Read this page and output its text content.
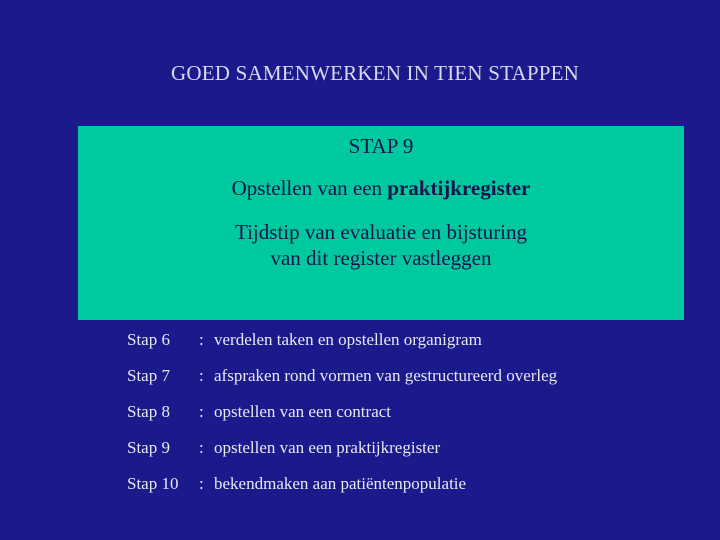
GOED SAMENWERKEN IN TIEN STAPPEN
STAP 9
Opstellen van een praktijkregister
Tijdstip van evaluatie en bijsturing
van dit register vastleggen
Stap 6	: verdelen taken en opstellen organigram
Stap 7	: afspraken rond vormen van gestructureerd overleg
Stap 8	: opstellen van een contract
Stap 9	: opstellen van een praktijkregister
Stap 10	: bekendmaken aan patiëntenpopulatie
